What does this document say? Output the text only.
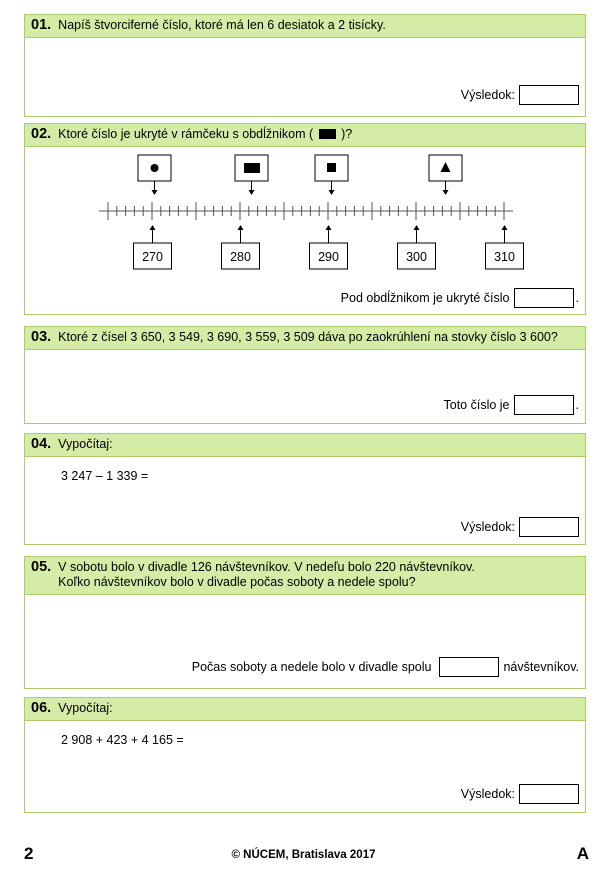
01. Napíš štvorciferné číslo, ktoré má len 6 desiatok a 2 tisícky.
Výsledok:
02. Ktoré číslo je ukryté v rámčeku s obdĺžnikom ( )?
270	280	290	300	310
Pod obdĺžnikom je ukryté číslo	.
03. Ktoré z čísel 3 650, 3 549, 3 690, 3 559, 3 509 dáva po zaokrúhlení na stovky číslo 3 600?
Toto číslo je	.
04. Vypočítaj:
3 247 – 1 339 =
Výsledok:
05. V sobotu bolo v divadle 126 návštevníkov. V nedeľu bolo 220 návštevníkov.
Koľko návštevníkov bolo v divadle počas soboty a nedele spolu?
Počas soboty a nedele bolo v divadle spolu	návštevníkov.
06. Vypočítaj:
2 908 + 423 + 4 165 =
Výsledok:
2	© NÚCEM, Bratislava 2017	A
